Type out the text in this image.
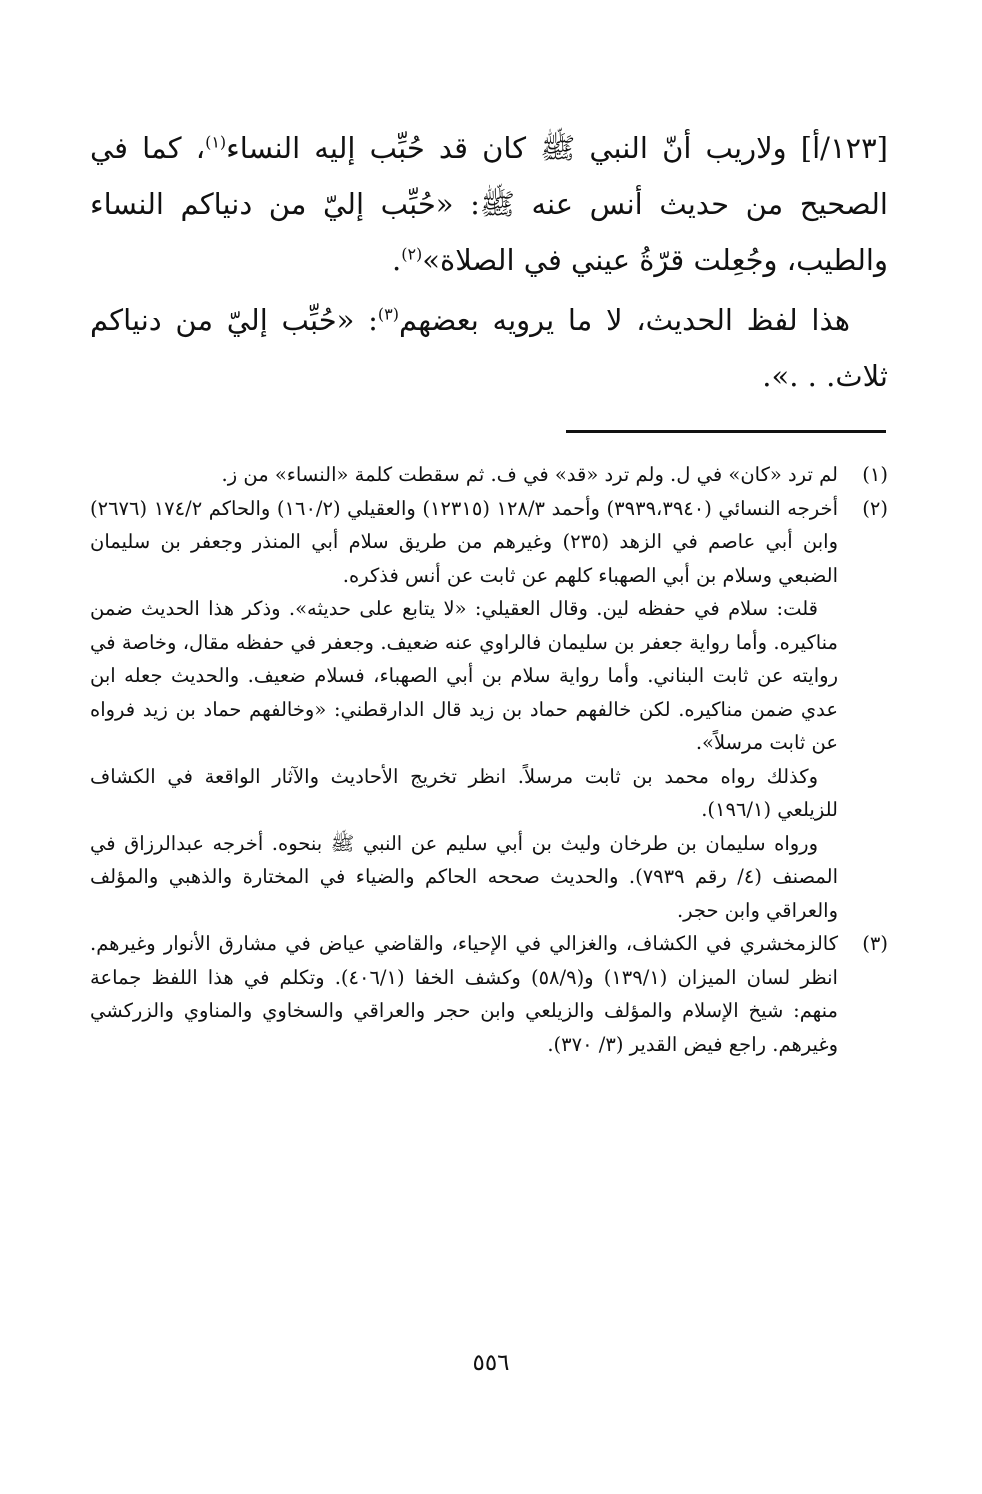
[١٢٣/أ] ولاريب أنّ النبي ﷺ كان قد حُبِّب إليه النساء$^{(١)}$، كما في الصحيح من حديث أنس عنه ﷺ: «حُبِّب إليّ من دنياكم النساء والطيب، وجُعِلت قرّةُ عيني في الصلاة»$^{(٢)}$.

هذا لفظ الحديث، لا ما يرويه بعضهم$^{(٣)}$: «حُبِّب إليّ من دنياكم ثلاث. . .».

(١)

لم ترد «كان» في ل. ولم ترد «قد» في ف. ثم سقطت كلمة «النساء» من ز.

(٢)

أخرجه النسائي (٣٩٣٩،٣٩٤٠) وأحمد ١٢٨/٣ (١٢٣١٥) والعقيلي (١٦٠/٢) والحاكم ١٧٤/٢ (٢٦٧٦) وابن أبي عاصم في الزهد (٢٣٥) وغيرهم من طريق سلام أبي المنذر وجعفر بن سليمان الضبعي وسلام بن أبي الصهباء كلهم عن ثابت عن أنس فذكره.

قلت: سلام في حفظه لين. وقال العقيلي: «لا يتابع على حديثه». وذكر هذا الحديث ضمن مناكيره. وأما رواية جعفر بن سليمان فالراوي عنه ضعيف. وجعفر في حفظه مقال، وخاصة في روايته عن ثابت البناني. وأما رواية سلام بن أبي الصهباء، فسلام ضعيف. والحديث جعله ابن عدي ضمن مناكيره. لكن خالفهم حماد بن زيد قال الدارقطني: «وخالفهم حماد بن زيد فرواه عن ثابت مرسلاً».

وكذلك رواه محمد بن ثابت مرسلاً. انظر تخريج الأحاديث والآثار الواقعة في الكشاف للزيلعي (١٩٦/١).

ورواه سليمان بن طرخان وليث بن أبي سليم عن النبي ﷺ بنحوه. أخرجه عبدالرزاق في المصنف (٤/ رقم ٧٩٣٩). والحديث صححه الحاكم والضياء في المختارة والذهبي والمؤلف والعراقي وابن حجر.

(٣)

كالزمخشري في الكشاف، والغزالي في الإحياء، والقاضي عياض في مشارق الأنوار وغيرهم. انظر لسان الميزان (١٣٩/١) و(٥٨/٩) وكشف الخفا (٤٠٦/١). وتكلم في هذا اللفظ جماعة منهم: شيخ الإسلام والمؤلف والزيلعي وابن حجر والعراقي والسخاوي والمناوي والزركشي وغيرهم. راجع فيض القدير (٣/ ٣٧٠).

٥٥٦
